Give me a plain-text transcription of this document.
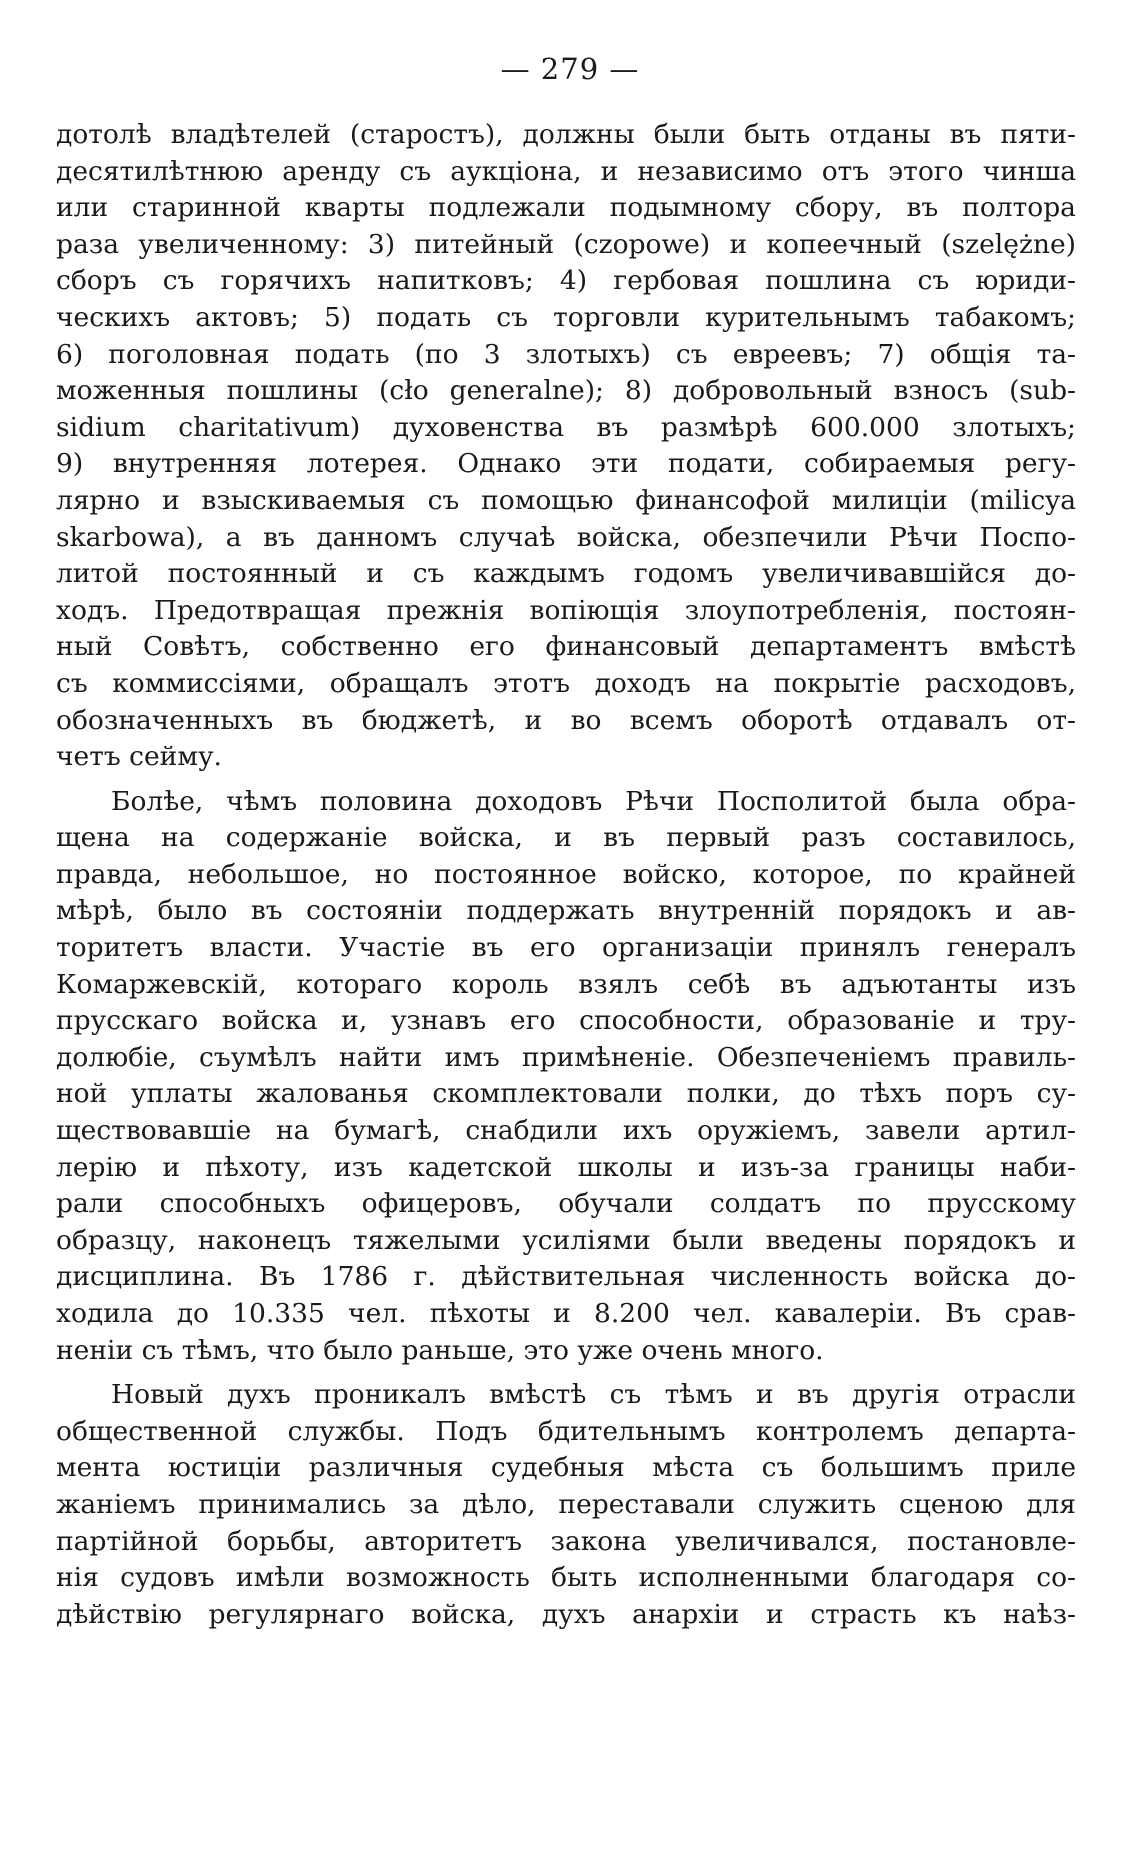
— 279 —
дотолѣ владѣтелей (старостъ), должны были быть отданы въ пяти-
десятилѣтнюю аренду съ аукціона, и независимо отъ этого чинша
или старинной кварты подлежали подымному сбору, въ полтора
раза увеличенному: 3) питейный (czopowe) и копеечный (szelężne)
сборъ съ горячихъ напитковъ; 4) гербовая пошлина съ юриди-
ческихъ актовъ; 5) подать съ торговли курительнымъ табакомъ;
6) поголовная подать (по 3 злотыхъ) съ евреевъ; 7) общія та-
моженныя пошлины (cło generalne); 8) добровольный взносъ (sub-
sidium charitativum) духовенства въ размѣрѣ 600.000 злотыхъ;
9) внутренняя лотерея. Однако эти подати, собираемыя регу-
лярно и взыскиваемыя съ помощью финансофой милиціи (milicya
skarbowa), а въ данномъ случаѣ войска, обезпечили Рѣчи Поспо-
литой постоянный и съ каждымъ годомъ увеличивавшійся до-
ходъ. Предотвращая прежнія вопіющія злоупотребленія, постоян-
ный Совѣтъ, собственно его финансовый департаментъ вмѣстѣ
съ коммиссіями, обращалъ этотъ доходъ на покрытіе расходовъ,
обозначенныхъ въ бюджетѣ, и во всемъ оборотѣ отдавалъ от-
четъ сейму.
Болѣе, чѣмъ половина доходовъ Рѣчи Посполитой была обра-
щена на содержаніе войска, и въ первый разъ составилось,
правда, небольшое, но постоянное войско, которое, по крайней
мѣрѣ, было въ состояніи поддержать внутренній порядокъ и ав-
торитетъ власти. Участіе въ его организаціи принялъ генералъ
Комаржевскій, котораго король взялъ себѣ въ адъютанты изъ
прусскаго войска и, узнавъ его способности, образованіе и тру-
долюбіе, съумѣлъ найти имъ примѣненіе. Обезпеченіемъ правиль-
ной уплаты жалованья скомплектовали полки, до тѣхъ поръ су-
ществовавшіе на бумагѣ, снабдили ихъ оружіемъ, завели артил-
лерію и пѣхоту, изъ кадетской школы и изъ-за границы наби-
рали способныхъ офицеровъ, обучали солдатъ по прусскому
образцу, наконецъ тяжелыми усиліями были введены порядокъ и
дисциплина. Въ 1786 г. дѣйствительная численность войска до-
ходила до 10.335 чел. пѣхоты и 8.200 чел. кавалеріи. Въ срав-
неніи съ тѣмъ, что было раньше, это уже очень много.
Новый духъ проникалъ вмѣстѣ съ тѣмъ и въ другія отрасли
общественной службы. Подъ бдительнымъ контролемъ департа-
мента юстиціи различныя судебныя мѣста съ большимъ приле
жаніемъ принимались за дѣло, переставали служить сценою для
партійной борьбы, авторитетъ закона увеличивался, постановле-
нія судовъ имѣли возможность быть исполненными благодаря со-
дѣйствію регулярнаго войска, духъ анархіи и страсть къ наѣз-
